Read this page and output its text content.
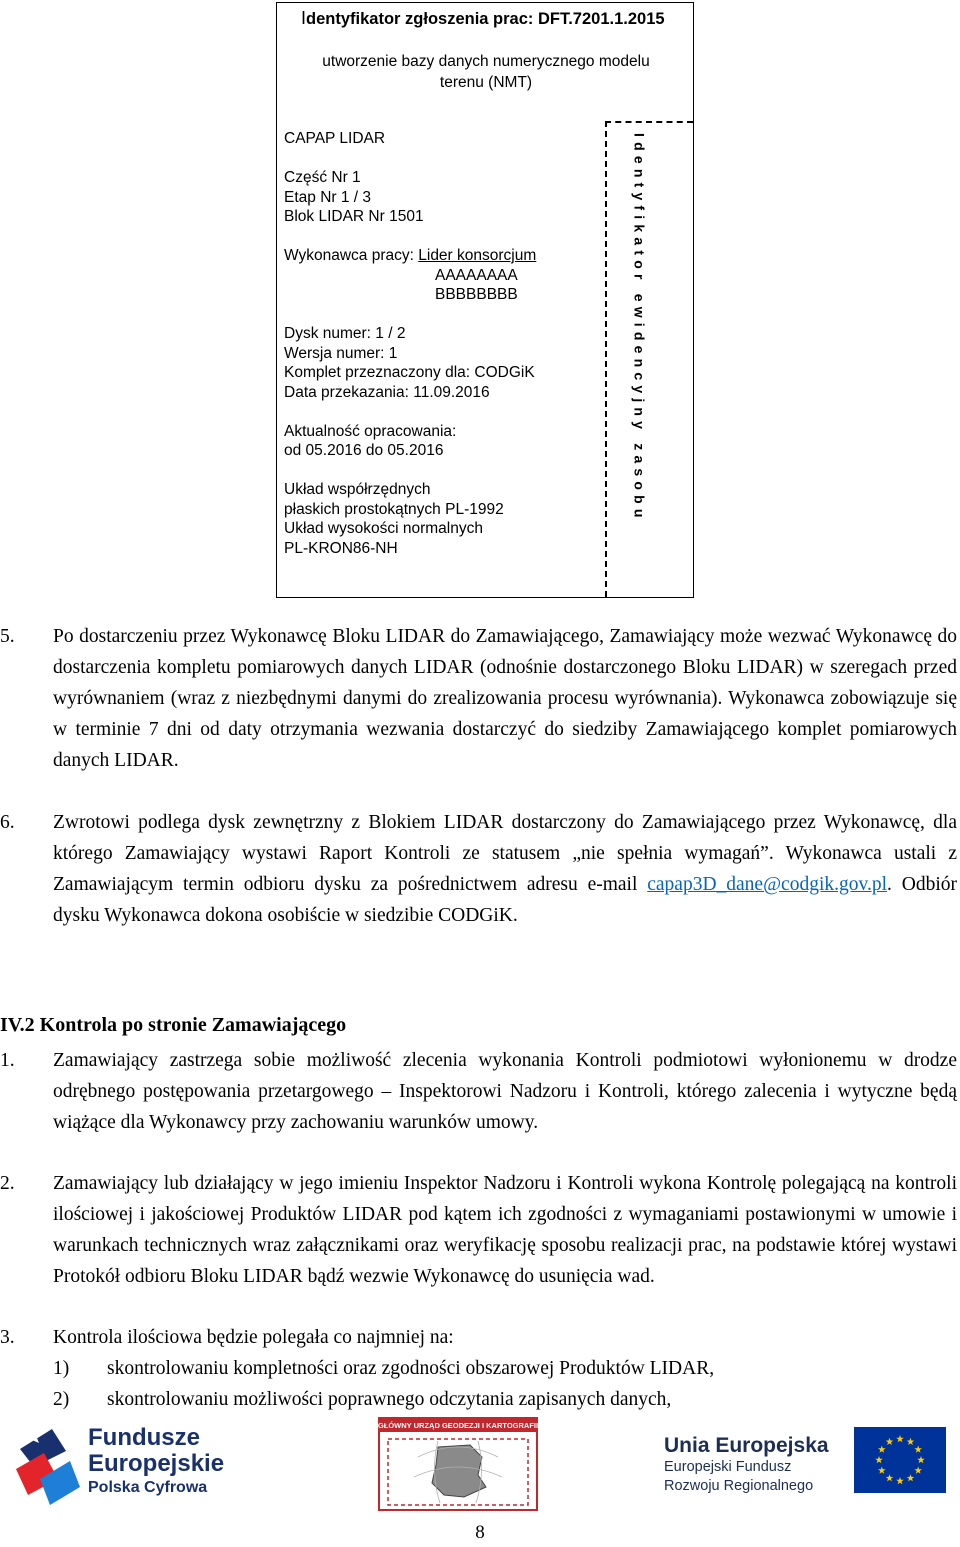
Identyfikator zgłoszenia prac: DFT.7201.1.2015
utworzenie bazy danych numerycznego modelu
terenu (NMT)
CAPAP LIDAR
Część Nr 1
Etap Nr 1 / 3
Blok LIDAR Nr 1501
Wykonawca pracy: Lider konsorcjum
AAAAAAAA
BBBBBBBB
Dysk numer: 1 / 2
Wersja numer: 1
Komplet przeznaczony dla: CODGiK
Data przekazania: 11.09.2016
Aktualność opracowania:
od 05.2016 do 05.2016
Układ współrzędnych
płaskich prostokątnych PL-1992
Układ wysokości normalnych
PL-KRON86-NH
Identyfikator ewidencyjny zasobu
5. Po dostarczeniu przez Wykonawcę Bloku LIDAR do Zamawiającego, Zamawiający może wezwać Wykonawcę do dostarczenia kompletu pomiarowych danych LIDAR (odnośnie dostarczonego Bloku LIDAR) w szeregach przed wyrównaniem (wraz z niezbędnymi danymi do zrealizowania procesu wyrównania). Wykonawca zobowiązuje się w terminie 7 dni od daty otrzymania wezwania dostarczyć do siedziby Zamawiającego komplet pomiarowych danych LIDAR.
6. Zwrotowi podlega dysk zewnętrzny z Blokiem LIDAR dostarczony do Zamawiającego przez Wykonawcę, dla którego Zamawiający wystawi Raport Kontroli ze statusem „nie spełnia wymagań”. Wykonawca ustali z Zamawiającym termin odbioru dysku za pośrednictwem adresu e-mail capap3D_dane@codgik.gov.pl. Odbiór dysku Wykonawca dokona osobiście w siedzibie CODGiK.
IV.2 Kontrola po stronie Zamawiającego
1. Zamawiający zastrzega sobie możliwość zlecenia wykonania Kontroli podmiotowi wyłonionemu w drodze odrębnego postępowania przetargowego – Inspektorowi Nadzoru i Kontroli, którego zalecenia i wytyczne będą wiążące dla Wykonawcy przy zachowaniu warunków umowy.
2. Zamawiający lub działający w jego imieniu Inspektor Nadzoru i Kontroli wykona Kontrolę polegającą na kontroli ilościowej i jakościowej Produktów LIDAR pod kątem ich zgodności z wymaganiami postawionymi w umowie i warunkach technicznych wraz załącznikami oraz weryfikację sposobu realizacji prac, na podstawie której wystawi Protokół odbioru Bloku LIDAR bądź wezwie Wykonawcę do usunięcia wad.
3. Kontrola ilościowa będzie polegała co najmniej na:
1) skontrolowaniu kompletności oraz zgodności obszarowej Produktów LIDAR,
2) skontrolowaniu możliwości poprawnego odczytania zapisanych danych,
Fundusze
Europejskie
Polska Cyfrowa
GŁÓWNY URZĄD GEODEZJI I KARTOGRAFII
Unia Europejska
Europejski Fundusz
Rozwoju Regionalnego
8
